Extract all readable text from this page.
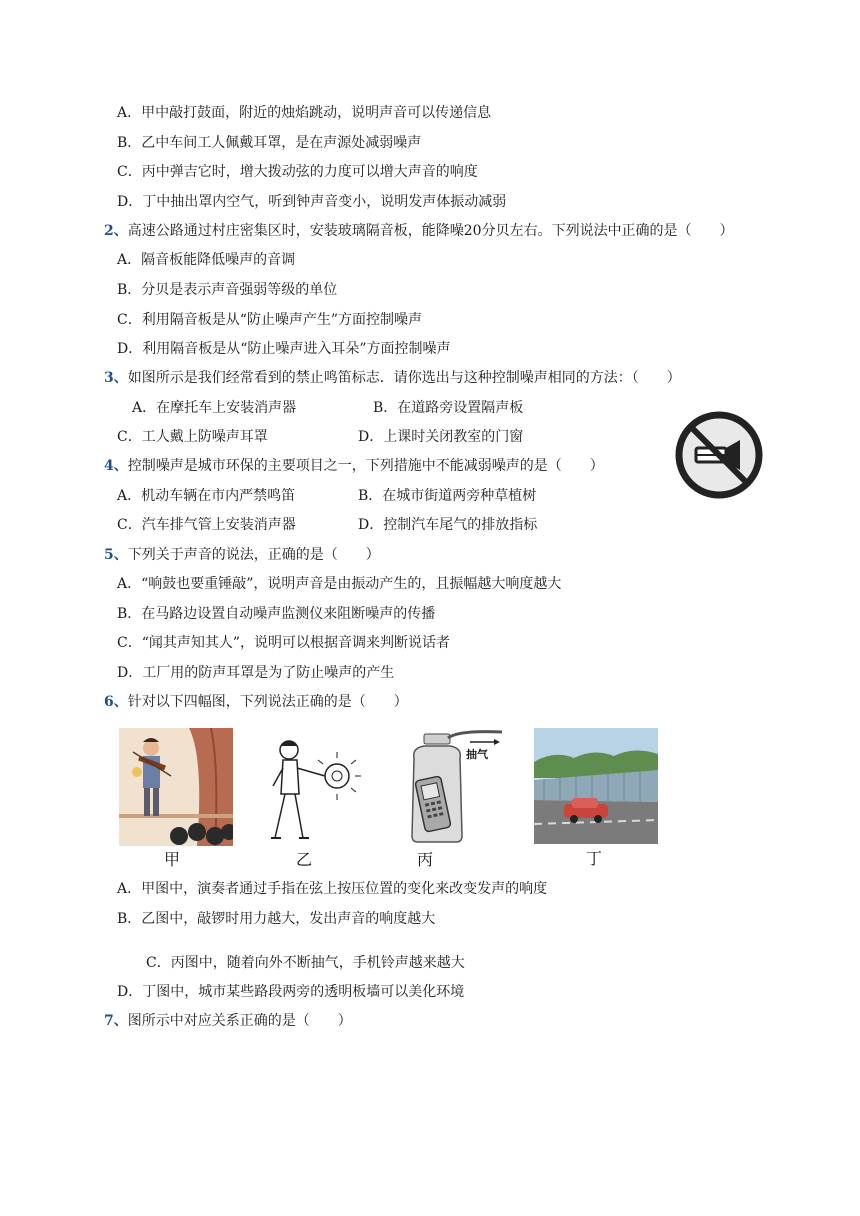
A．甲中敲打鼓面，附近的烛焰跳动，说明声音可以传递信息
B．乙中车间工人佩戴耳罩，是在声源处减弱噪声
C．丙中弹吉它时，增大拨动弦的力度可以增大声音的响度
D．丁中抽出罩内空气，听到钟声音变小，说明发声体振动减弱
2、高速公路通过村庄密集区时，安装玻璃隔音板，能降噪20分贝左右。下列说法中正确的是（　　）
A．隔音板能降低噪声的音调
B．分贝是表示声音强弱等级的单位
C．利用隔音板是从“防止噪声产生”方面控制噪声
D．利用隔音板是从“防止噪声进入耳朵”方面控制噪声
3、如图所示是我们经常看到的禁止鸣笛标志．请你选出与这种控制噪声相同的方法：（　　）
A．在摩托车上安装消声器	B．在道路旁设置隔声板
C．工人戴上防噪声耳罩	D．上课时关闭教室的门窗
4、控制噪声是城市环保的主要项目之一，下列措施中不能减弱噪声的是（　　）
A．机动车辆在市内严禁鸣笛	B．在城市街道两旁种草植树
C．汽车排气管上安装消声器	D．控制汽车尾气的排放指标
5、下列关于声音的说法，正确的是（　　）
A．“响鼓也要重锤敲”，说明声音是由振动产生的，且振幅越大响度越大
B．在马路边设置自动噪声监测仪来阻断噪声的传播
C．“闻其声知其人”，说明可以根据音调来判断说话者
D．工厂用的防声耳罩是为了防止噪声的产生
6、针对以下四幅图，下列说法正确的是（　　）
甲	乙
抽气
丙	丁
A．甲图中，演奏者通过手指在弦上按压位置的变化来改变发声的响度
B．乙图中，敲锣时用力越大，发出声音的响度越大
C．丙图中，随着向外不断抽气，手机铃声越来越大
D．丁图中，城市某些路段两旁的透明板墙可以美化环境
7、图所示中对应关系正确的是（　　）
